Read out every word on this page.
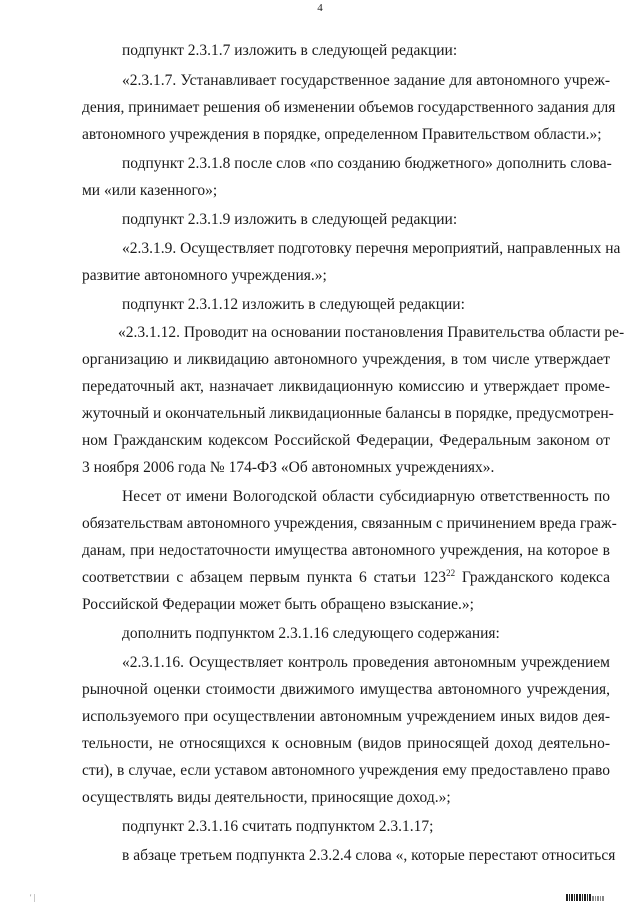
4
подпункт 2.3.1.7 изложить в следующей редакции:
«2.3.1.7. Устанавливает государственное задание для автономного учреж-
дения, принимает решения об изменении объемов государственного задания для
автономного учреждения в порядке, определенном Правительством области.»;
подпункт 2.3.1.8 после слов «по созданию бюджетного» дополнить слова-
ми «или казенного»;
подпункт 2.3.1.9 изложить в следующей редакции:
«2.3.1.9. Осуществляет подготовку перечня мероприятий, направленных на
развитие автономного учреждения.»;
подпункт 2.3.1.12 изложить в следующей редакции:
«2.3.1.12. Проводит на основании постановления Правительства области ре-
организацию и ликвидацию автономного учреждения, в том числе утверждает
передаточный акт, назначает ликвидационную комиссию и утверждает проме-
жуточный и окончательный ликвидационные балансы в порядке, предусмотрен-
ном Гражданским кодексом Российской Федерации, Федеральным законом от
3 ноября 2006 года № 174-ФЗ «Об автономных учреждениях».
Несет от имени Вологодской области субсидиарную ответственность по
обязательствам автономного учреждения, связанным с причинением вреда граж-
данам, при недостаточности имущества автономного учреждения, на которое в
соответствии с абзацем первым пункта 6 статьи $123^{22}$ Гражданского кодекса
Российской Федерации может быть обращено взыскание.»;
дополнить подпунктом 2.3.1.16 следующего содержания:
«2.3.1.16. Осуществляет контроль проведения автономным учреждением
рыночной оценки стоимости движимого имущества автономного учреждения,
используемого при осуществлении автономным учреждением иных видов дея-
тельности, не относящихся к основным (видов приносящей доход деятельно-
сти), в случае, если уставом автономного учреждения ему предоставлено право
осуществлять виды деятельности, приносящие доход.»;
подпункт 2.3.1.16 считать подпунктом 2.3.1.17;
в абзаце третьем подпункта 2.3.2.4 слова «, которые перестают относиться
' |
